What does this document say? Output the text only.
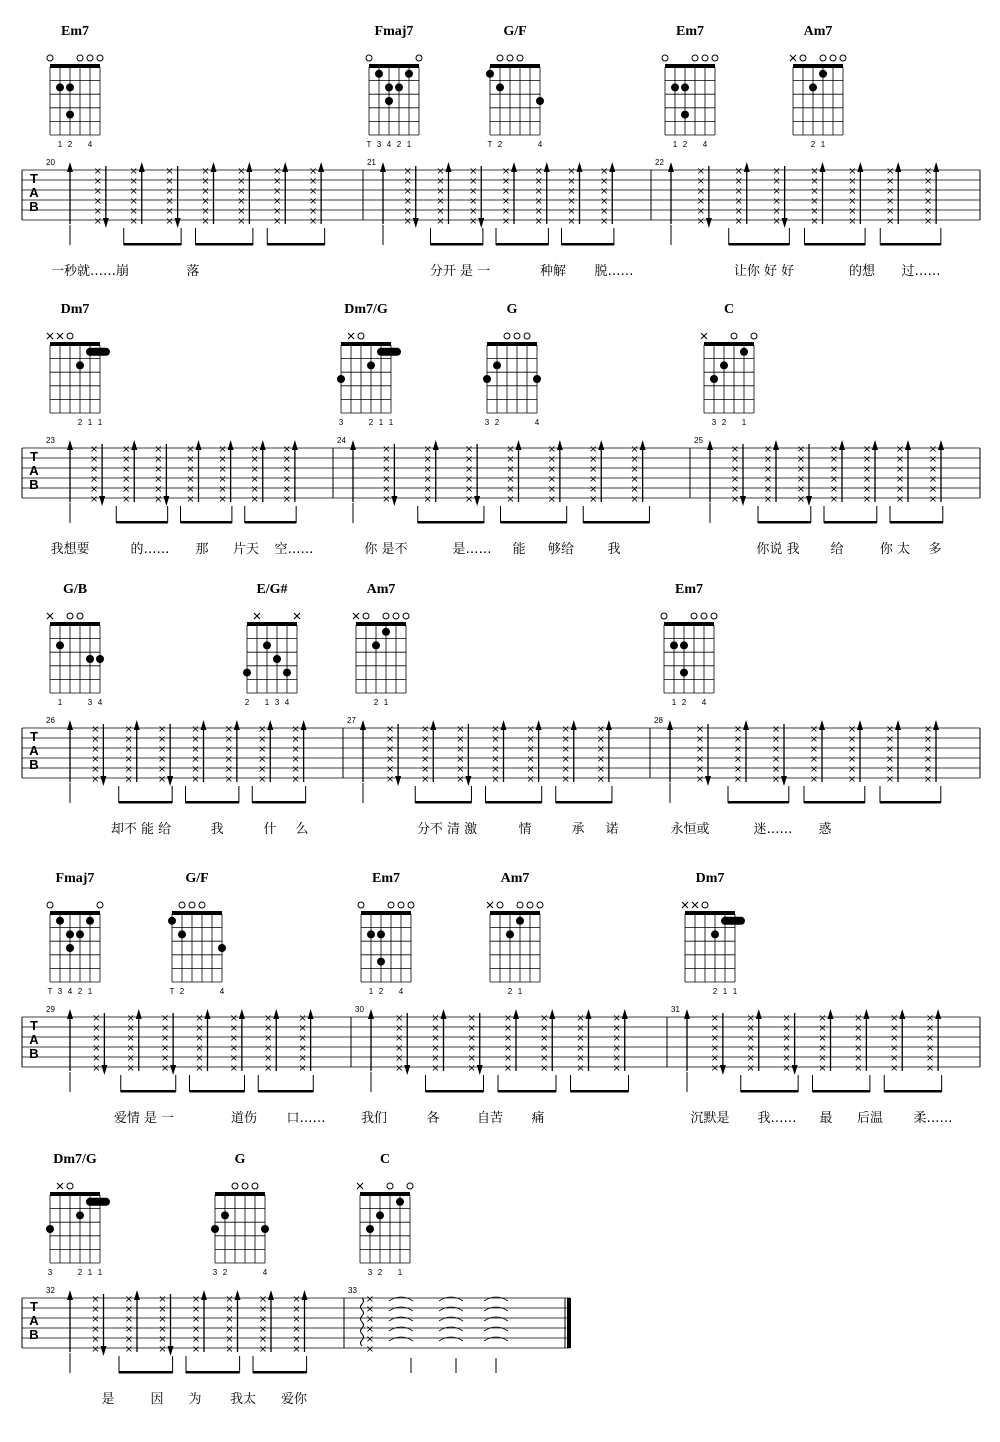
T
A
B
20	21	22
一秒就……崩	落	分开 是 一	种解 脱……	让你 好 好	的想 过……
Em7
1 2 4
Fmaj7
T 3 4 2 1
G/F
T 2	4
Em7
1 2 4
Am7
2 1
×
×
×
×
×
×
×
×
×
×
×
×
×
×
×
×
×
×
×
×
×
×
×
×
×
×
×
×
×
×
×
×
×
×
×
×
×
×
×
×
×
×
×
×
×
×
×
×
×
×
×
×
×
×
×
×
×
×
×
×
×
×
×
×
×
×
×
×
×
×
×
×
×
×
×
×
×
×
×
×
×
×
×
×
×
×
×
×
×
×
×
×
×
×
×
×
×
×
×
×
×
×
×
×
×
×
×
×
×
×
×
×
×
×
×
×
×
×
×
×
×
×
×
×
×
×
T
A
B
23	24	25
我想要	的…… 那 片天 空……	你 是不	是…… 能 够给	我	你说 我 给	你 太 多
Dm7
2 1 1
Dm7/G
3	2 1 1
G
3 2	4
C
3 2 1
×
×
×
×
×
×
×
×
×
×
×
×
×
×
×
×
×
×
×
×
×
×
×
×
×
×
×
×
×
×
×
×
×
×
×
×
×
×
×
×
×
×
×
×
×
×
×
×
×
×
×
×
×
×
×
×
×
×
×
×
×
×
×
×
×
×
×
×
×
×
×
×
×
×
×
×
×
×
×
×
×
×
×
×
×
×
×
×
×
×
×
×
×
×
×
×
×
×
×
×
×
×
×
×
×
×
×
×
×
×
×
×
×
×
×
×
×
×
×
×
×
×
×
×
×
×
T
A
B
26	27	28
却不 能 给	我	什 么	分不 清 激	情	承 诺	永恒或	迷…… 惑
G/B
1	3 4
E/G#
2 1 3 4
Am7
2 1
Em7
1 2 4
×
×
×
×
×
×
×
×
×
×
×
×
×
×
×
×
×
×
×
×
×
×
×
×
×
×
×
×
×
×
×
×
×
×
×
×
×
×
×
×
×
×
×
×
×
×
×
×
×
×
×
×
×
×
×
×
×
×
×
×
×
×
×
×
×
×
×
×
×
×
×
×
×
×
×
×
×
×
×
×
×
×
×
×
×
×
×
×
×
×
×
×
×
×
×
×
×
×
×
×
×
×
×
×
×
×
×
×
×
×
×
×
×
×
×
×
×
×
×
×
×
×
×
×
×
×
T
A
B
29	30	31
爱情 是 一	道伤 口……	我们	各	自苦 痛	沉默是 我…… 最 后温 柔……
Fmaj7
T 3 4 2 1
G/F
T 2	4
Em7
1 2 4
Am7
2 1
Dm7
2 1 1
×
×
×
×
×
×
×
×
×
×
×
×
×
×
×
×
×
×
×
×
×
×
×
×
×
×
×
×
×
×
×
×
×
×
×
×
×
×
×
×
×
×
×
×
×
×
×
×
×
×
×
×
×
×
×
×
×
×
×
×
×
×
×
×
×
×
×
×
×
×
×
×
×
×
×
×
×
×
×
×
×
×
×
×
×
×
×
×
×
×
×
×
×
×
×
×
×
×
×
×
×
×
×
×
×
×
×
×
×
×
×
×
×
×
×
×
×
×
×
×
×
×
×
×
×
×
T
A
B
32	33
×
×
×
×
×
×
是	因 为 我太 爱你
Dm7/G
3	2 1 1
G
3 2	4
C
3 2 1
×
×
×
×
×
×
×
×
×
×
×
×
×
×
×
×
×
×
×
×
×
×
×
×
×
×
×
×
×
×
×
×
×
×
×
×
×
×
×
×
×
×
